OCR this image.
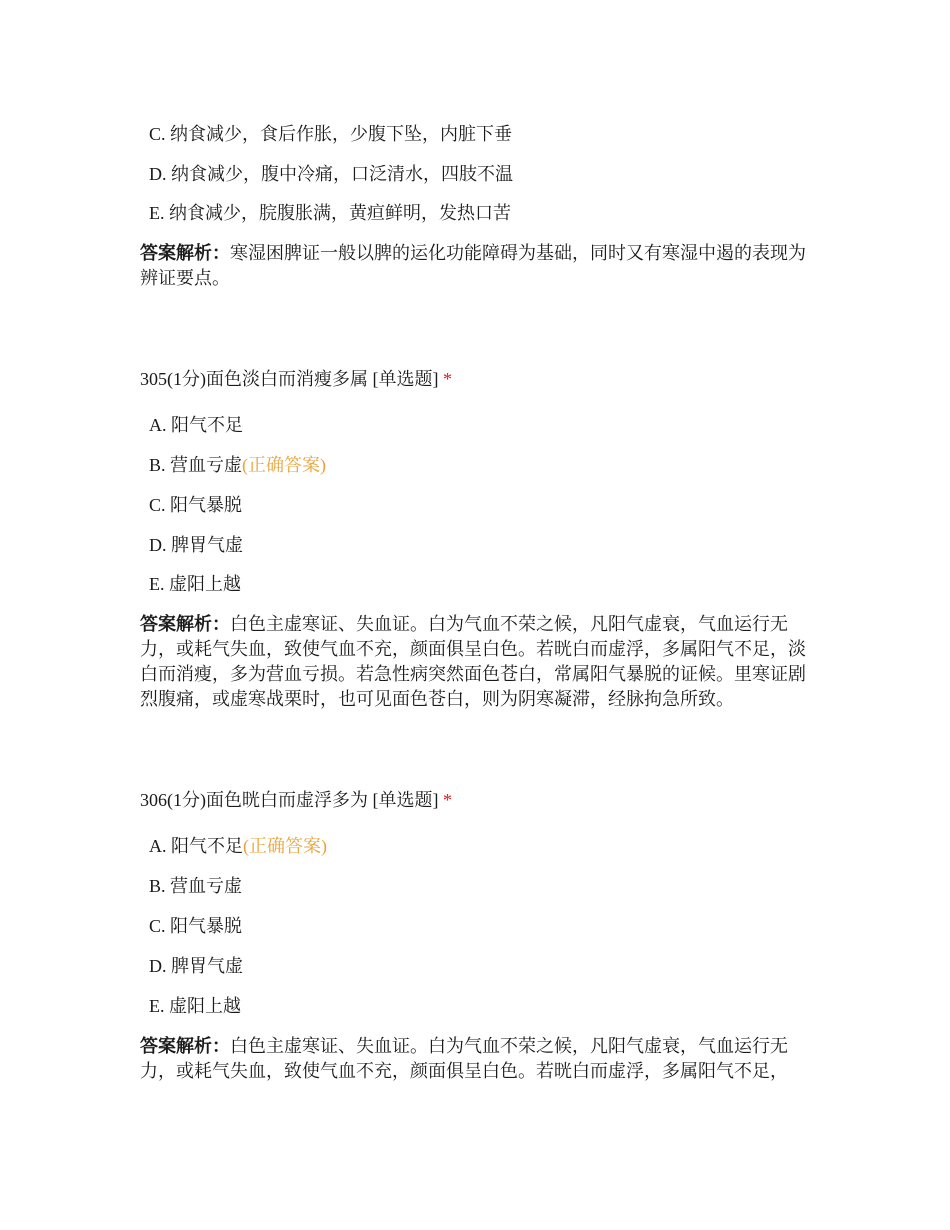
C. 纳食减少，食后作胀，少腹下坠，内脏下垂
D. 纳食减少，腹中冷痛，口泛清水，四肢不温
E. 纳食减少，脘腹胀满，黄疸鲜明，发热口苦
答案解析：寒湿困脾证一般以脾的运化功能障碍为基础，同时又有寒湿中遏的表现为辨证要点。
305(1分)面色淡白而消瘦多属 [单选题] *
A. 阳气不足
B. 营血亏虚(正确答案)
C. 阳气暴脱
D. 脾胃气虚
E. 虚阳上越
答案解析：白色主虚寒证、失血证。白为气血不荣之候，凡阳气虚衰，气血运行无力，或耗气失血，致使气血不充，颜面俱呈白色。若晄白而虚浮，多属阳气不足，淡白而消瘦，多为营血亏损。若急性病突然面色苍白，常属阳气暴脱的证候。里寒证剧烈腹痛，或虚寒战栗时，也可见面色苍白，则为阴寒凝滞，经脉拘急所致。
306(1分)面色晄白而虚浮多为 [单选题] *
A. 阳气不足(正确答案)
B. 营血亏虚
C. 阳气暴脱
D. 脾胃气虚
E. 虚阳上越
答案解析：白色主虚寒证、失血证。白为气血不荣之候，凡阳气虚衰，气血运行无力，或耗气失血，致使气血不充，颜面俱呈白色。若晄白而虚浮，多属阳气不足，
